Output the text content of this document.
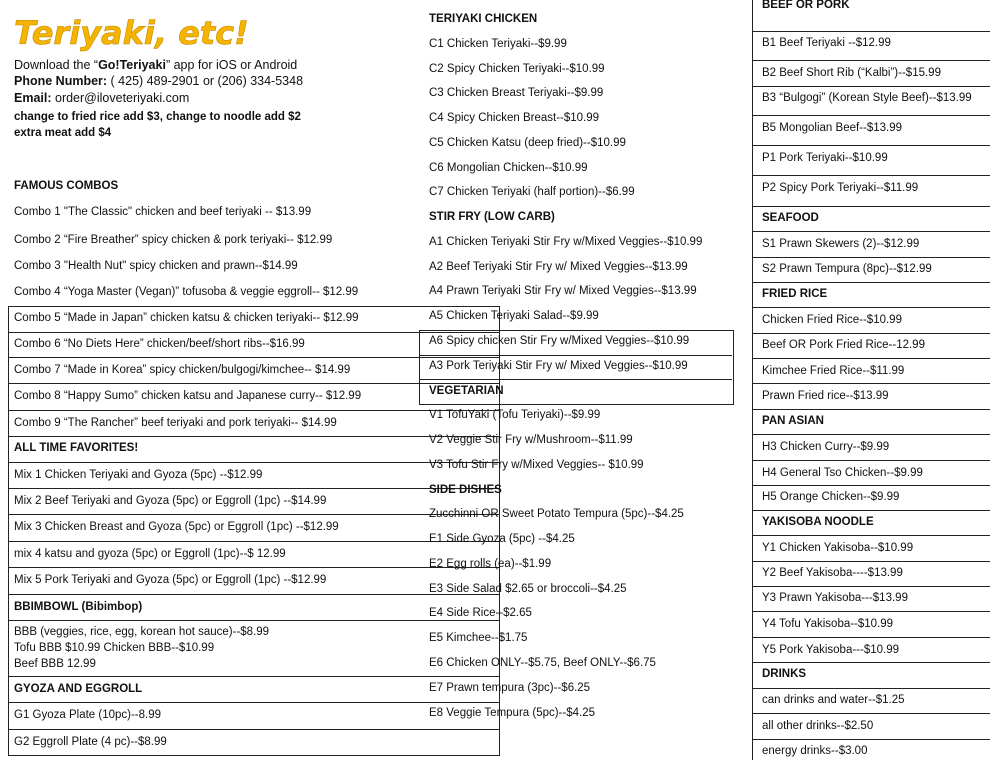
Teriyaki, etc!
Download the “Go!Teriyaki” app for iOS or Android
Phone Number: ( 425) 489-2901 or (206) 334-5348
Email: order@iloveteriyaki.com
change to fried rice add $3, change to noodle add $2
extra meat add $4
FAMOUS COMBOS
Combo 1 "The Classic" chicken and beef teriyaki -- $13.99
Combo 2 “Fire Breather” spicy chicken & pork teriyaki-- $12.99
Combo 3 "Health Nut" spicy chicken and prawn--$14.99
Combo 4 “Yoga Master (Vegan)” tofusoba & veggie eggroll-- $12.99
Combo 5 “Made in Japan” chicken katsu & chicken teriyaki-- $12.99
Combo 6 “No Diets Here” chicken/beef/short ribs--$16.99
Combo 7 “Made in Korea” spicy chicken/bulgogi/kimchee-- $14.99
Combo 8 “Happy Sumo” chicken katsu and Japanese curry-- $12.99
Combo 9 “The Rancher” beef teriyaki and pork teriyaki-- $14.99
ALL TIME FAVORITES!
Mix 1 Chicken Teriyaki and Gyoza (5pc) --$12.99
Mix 2 Beef Teriyaki and Gyoza (5pc) or Eggroll (1pc) --$14.99
Mix 3 Chicken Breast and Gyoza (5pc) or Eggroll (1pc) --$12.99
mix 4 katsu and gyoza (5pc) or Eggroll (1pc)--$ 12.99
Mix 5 Pork Teriyaki and Gyoza (5pc) or Eggroll (1pc) --$12.99
BBIMBOWL (Bibimbop)
BBB (veggies, rice, egg, korean hot sauce)--$8.99
Tofu BBB $10.99 Chicken BBB--$10.99
Beef BBB 12.99
GYOZA AND EGGROLL
G1 Gyoza Plate (10pc)--8.99
G2 Eggroll Plate (4 pc)--$8.99
TERIYAKI CHICKEN
C1 Chicken Teriyaki--$9.99
C2 Spicy Chicken Teriyaki--$10.99
C3 Chicken Breast Teriyaki--$9.99
C4 Spicy Chicken Breast--$10.99
C5 Chicken Katsu (deep fried)--$10.99
C6 Mongolian Chicken--$10.99
C7 Chicken Teriyaki (half portion)--$6.99
STIR FRY (LOW CARB)
A1 Chicken Teriyaki Stir Fry w/Mixed Veggies--$10.99
A2 Beef Teriyaki Stir Fry w/ Mixed Veggies--$13.99
A4 Prawn Teriyaki Stir Fry w/ Mixed Veggies--$13.99
A5 Chicken Teriyaki Salad--$9.99
A6 Spicy chicken Stir Fry w/Mixed Veggies--$10.99
A3 Pork Teriyaki Stir Fry w/ Mixed Veggies--$10.99
VEGETARIAN
V1 TofuYaki (Tofu Teriyaki)--$9.99
V2 Veggie Stir Fry w/Mushroom--$11.99
V3 Tofu Stir Fry w/Mixed Veggies-- $10.99
SIDE DISHES
Zucchinni OR Sweet Potato Tempura (5pc)--$4.25
E1 Side Gyoza (5pc) --$4.25
E2 Egg rolls (ea)--$1.99
E3 Side Salad $2.65 or broccoli--$4.25
E4 Side Rice--$2.65
E5 Kimchee--$1.75
E6 Chicken ONLY--$5.75, Beef ONLY--$6.75
E7 Prawn tempura (3pc)--$6.25
E8 Veggie Tempura (5pc)--$4.25
BEEF OR PORK
B1 Beef Teriyaki --$12.99
B2 Beef Short Rib (“Kalbi”)--$15.99
B3 “Bulgogi” (Korean Style Beef)--$13.99
B5 Mongolian Beef--$13.99
P1 Pork Teriyaki--$10.99
P2 Spicy Pork Teriyaki--$11.99
SEAFOOD
S1 Prawn Skewers (2)--$12.99
S2 Prawn Tempura (8pc)--$12.99
FRIED RICE
Chicken Fried Rice--$10.99
Beef OR Pork Fried Rice--12.99
Kimchee Fried Rice--$11.99
Prawn Fried rice--$13.99
PAN ASIAN
H3 Chicken Curry--$9.99
H4 General Tso Chicken--$9.99
H5 Orange Chicken--$9.99
YAKISOBA NOODLE
Y1 Chicken Yakisoba--$10.99
Y2 Beef Yakisoba----$13.99
Y3 Prawn Yakisoba---$13.99
Y4 Tofu Yakisoba--$10.99
Y5 Pork Yakisoba---$10.99
DRINKS
can drinks and water--$1.25
all other drinks--$2.50
energy drinks--$3.00
